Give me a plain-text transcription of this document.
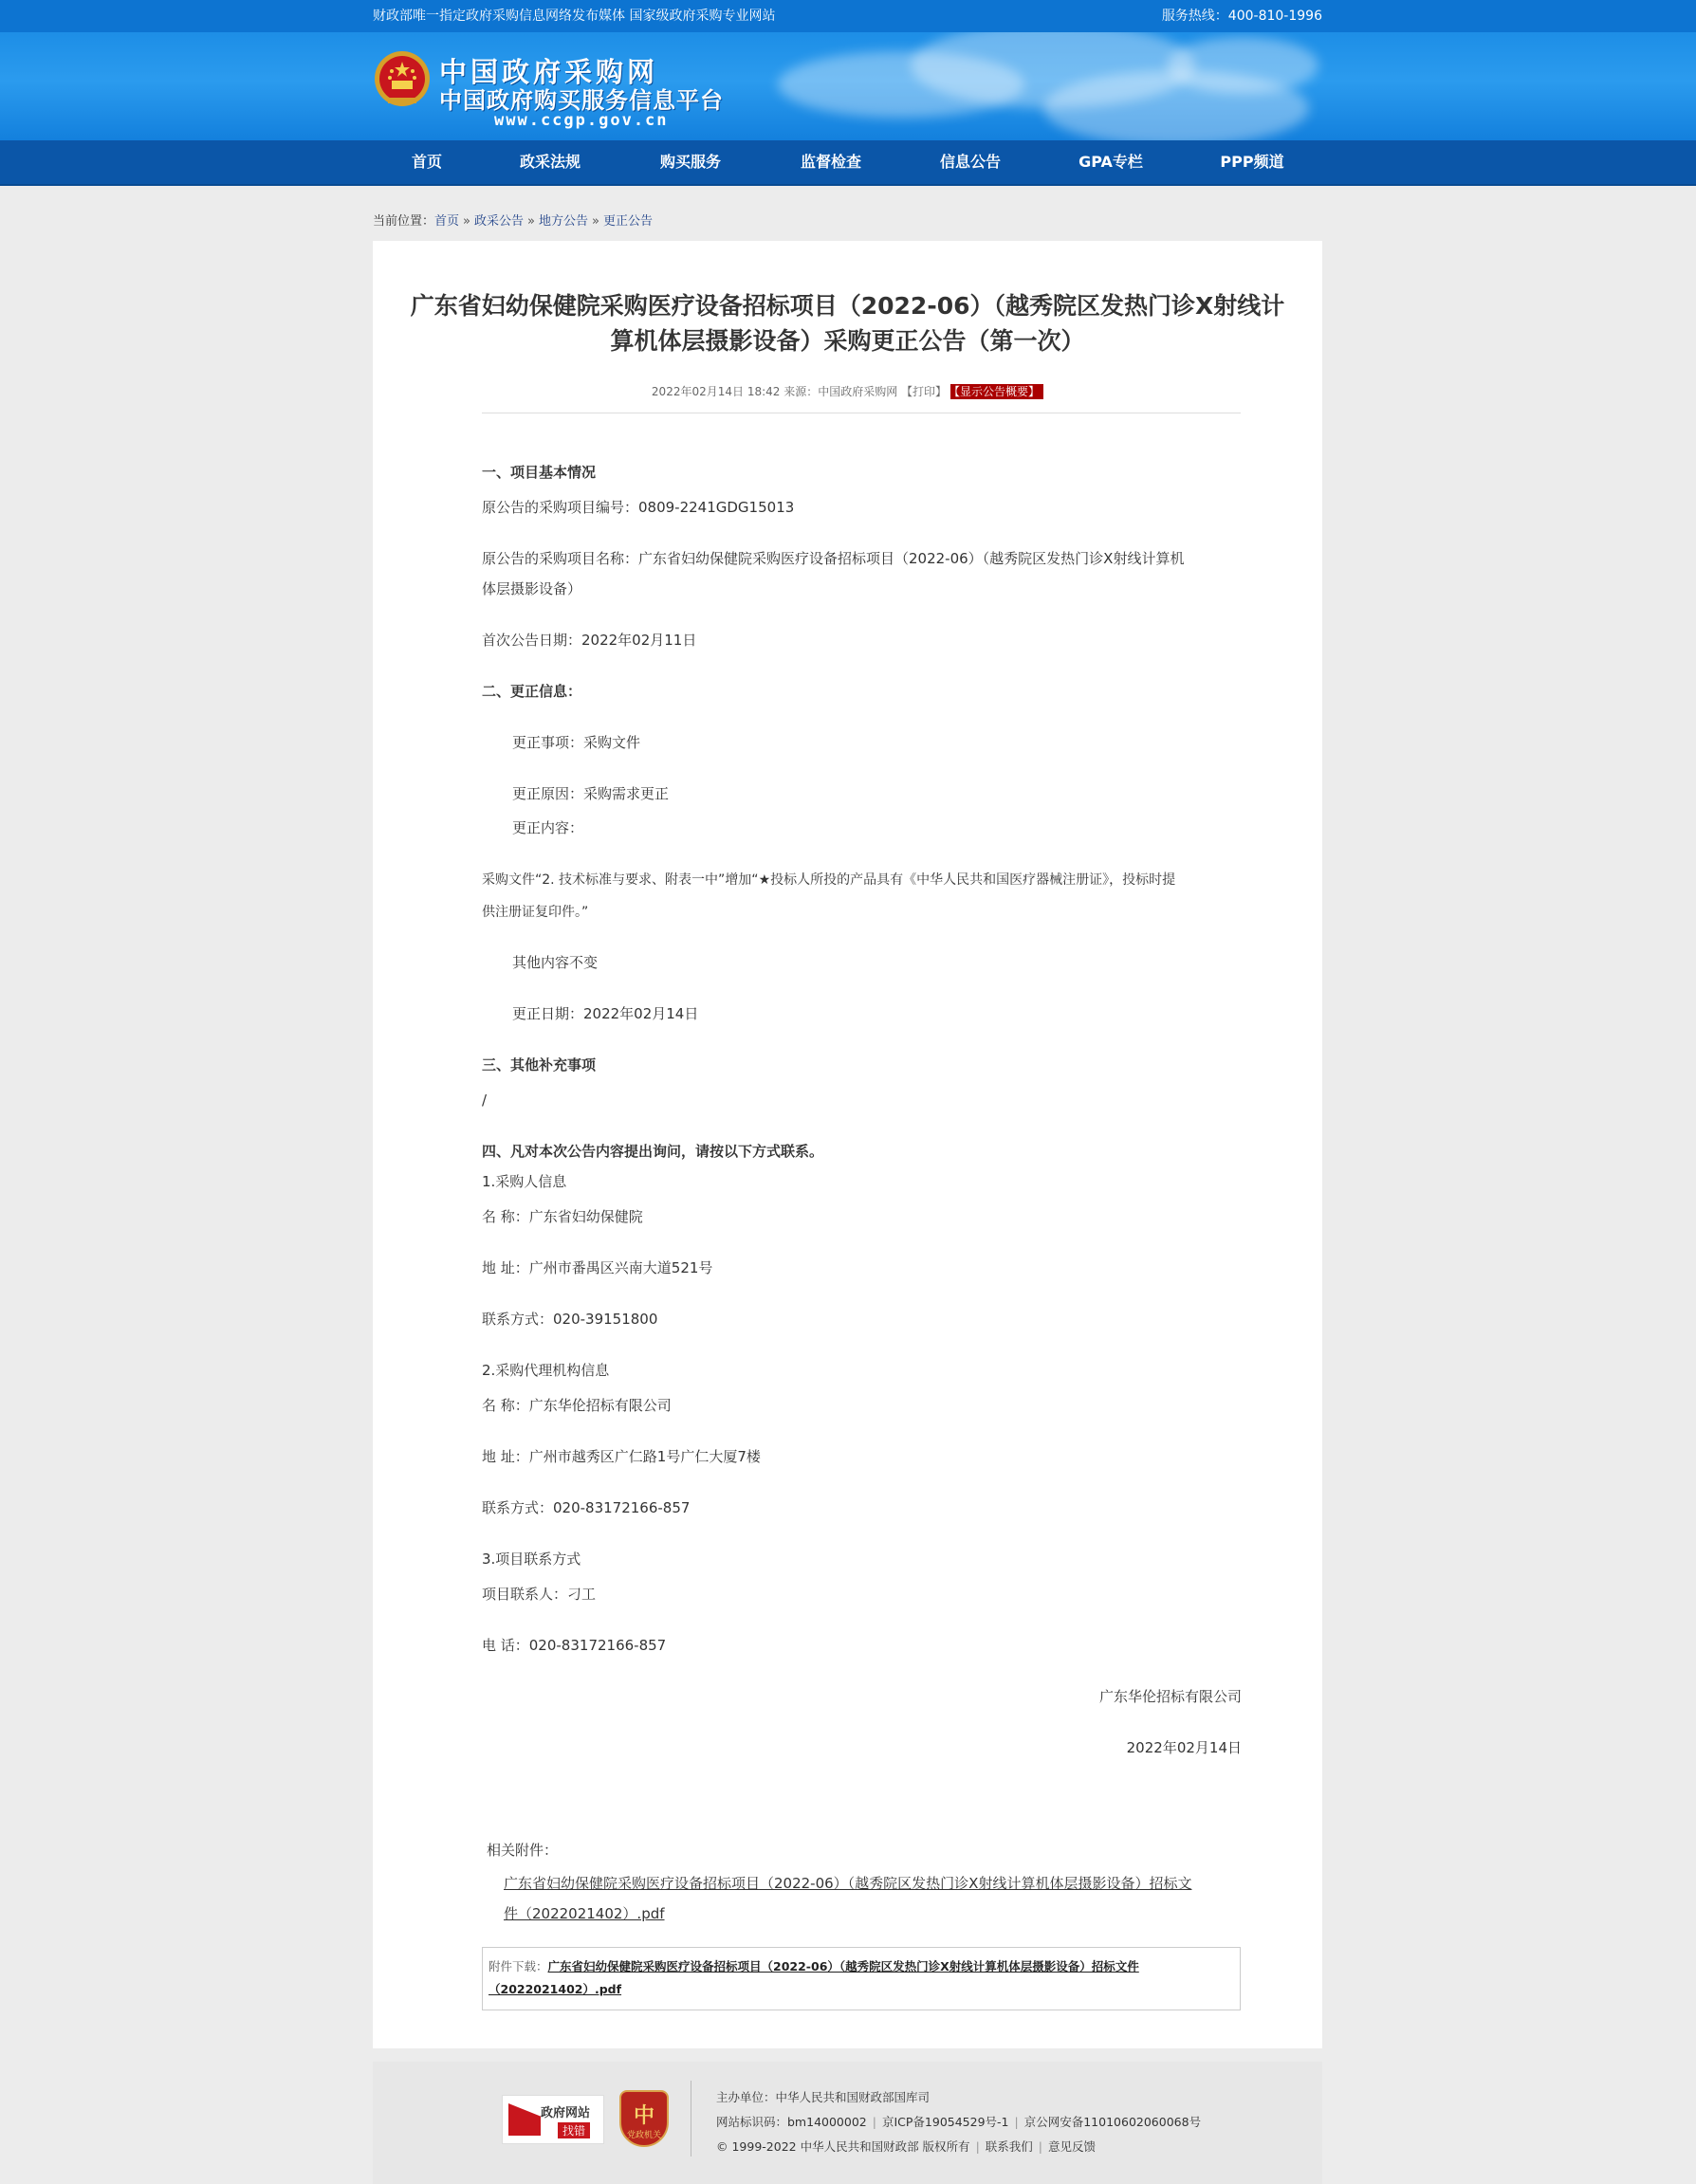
财政部唯一指定政府采购信息网络发布媒体 国家级政府采购专业网站	服务热线：400-810-1996
中国政府采购网
中国政府购买服务信息平台
www.ccgp.gov.cn
首页	政采法规	购买服务	监督检查	信息公告	GPA专栏	PPP频道
当前位置：首页 » 政采公告 » 地方公告 » 更正公告
广东省妇幼保健院采购医疗设备招标项目（2022-06）（越秀院区发热门诊X射线计
算机体层摄影设备）采购更正公告（第一次）
2022年02月14日 18:42 来源：中国政府采购网 【打印】 【显示公告概要】
一、项目基本情况
原公告的采购项目编号：0809-2241GDG15013
原公告的采购项目名称：广东省妇幼保健院采购医疗设备招标项目（2022-06）（越秀院区发热门诊X射线计算机
体层摄影设备）
首次公告日期：2022年02月11日
二、更正信息：
更正事项：采购文件
更正原因：采购需求更正
更正内容：
采购文件“2. 技术标准与要求、附表一中”增加“★投标人所投的产品具有《中华人民共和国医疗器械注册证》，投标时提
供注册证复印件。”
其他内容不变
更正日期：2022年02月14日
三、其他补充事项
/
四、凡对本次公告内容提出询问，请按以下方式联系。
1.采购人信息
名 称：广东省妇幼保健院
地 址：广州市番禺区兴南大道521号
联系方式：020-39151800
2.采购代理机构信息
名 称：广东华伦招标有限公司
地 址：广州市越秀区广仁路1号广仁大厦7楼
联系方式：020-83172166-857
3.项目联系方式
项目联系人：刁工
电 话：020-83172166-857
广东华伦招标有限公司
2022年02月14日
相关附件：
广东省妇幼保健院采购医疗设备招标项目（2022-06）（越秀院区发热门诊X射线计算机体层摄影设备）招标文
件（2022021402）.pdf
附件下载：广东省妇幼保健院采购医疗设备招标项目（2022-06）（越秀院区发热门诊X射线计算机体层摄影设备）招标文件
（2022021402）.pdf
政府网站
找错
中
党政机关
主办单位：中华人民共和国财政部国库司
网站标识码：bm14000002 | 京ICP备19054529号-1 | 京公网安备11010602060068号
© 1999-2022 中华人民共和国财政部 版权所有 | 联系我们 | 意见反馈
